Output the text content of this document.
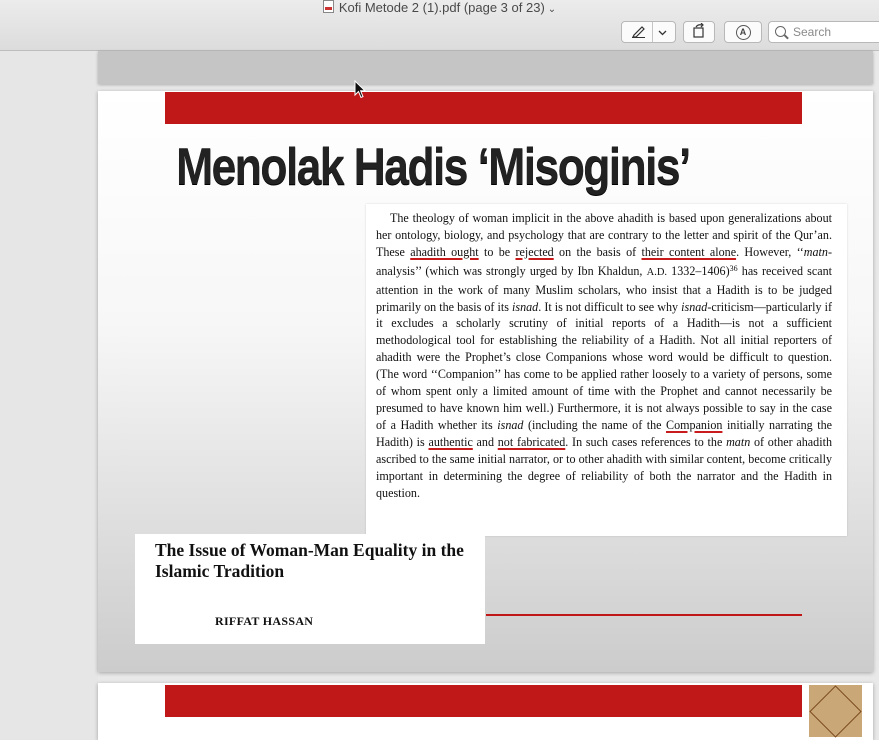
Kofi Metode 2 (1).pdf (page 3 of 23) ⌄
A	Search
Menolak Hadis ‘Misoginis’

The theology of woman implicit in the above ahadith is based upon generalizations about her ontology, biology, and psychology that are contrary to the letter and spirit of the Qur’an. These ahadith ought to be rejected on the basis of their content alone. However, ‘‘matn-analysis’’ (which was strongly urged by Ibn Khaldun, A.D. 1332–1406)$^{36}$ has received scant attention in the work of many Muslim scholars, who insist that a Hadith is to be judged primarily on the basis of its isnad. It is not difficult to see why isnad-criticism—particularly if it excludes a scholarly scrutiny of initial reports of a Hadith—is not a sufficient methodological tool for establishing the reliability of a Hadith. Not all initial reporters of ahadith were the Prophet’s close Companions whose word would be difficult to question. (The word ‘‘Companion’’ has come to be applied rather loosely to a variety of persons, some of whom spent only a limited amount of time with the Prophet and cannot necessarily be presumed to have known him well.) Furthermore, it is not always possible to say in the case of a Hadith whether its isnad (including the name of the Companion initially narrating the Hadith) is authentic and not fabricated. In such cases references to the matn of other ahadith ascribed to the same initial narrator, or to other ahadith with similar content, become critically important in determining the degree of reliability of both the narrator and the Hadith in question.

The Issue of Woman-Man Equality in the Islamic Tradition
RIFFAT HASSAN
